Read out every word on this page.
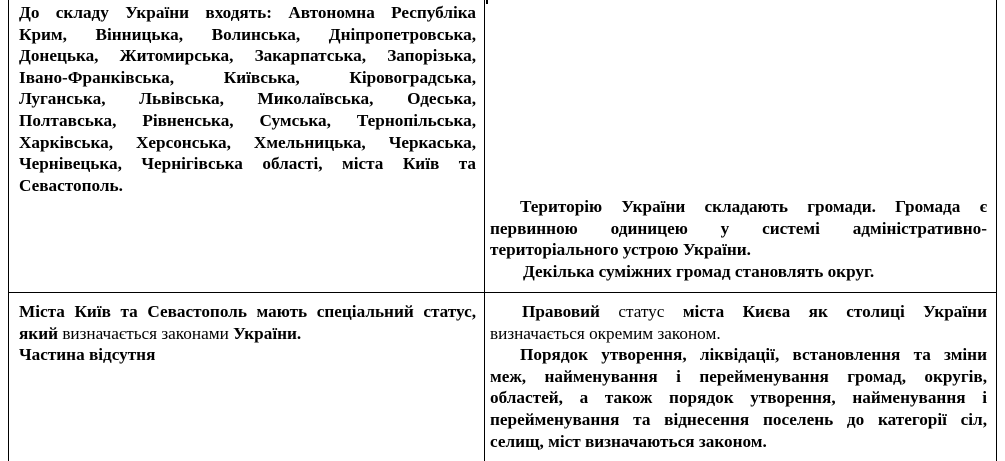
До складу України входять: Автономна Республіка
Крим, Вінницька, Волинська, Дніпропетровська,
Донецька, Житомирська, Закарпатська, Запорізька,
Івано-Франківська, Київська, Кіровоградська,
Луганська, Львівська, Миколаївська, Одеська,
Полтавська, Рівненська, Сумська, Тернопільська,
Харківська, Херсонська, Хмельницька, Черкаська,
Чернівецька, Чернігівська області, міста Київ та
Севастополь.
Територію України складають громади. Громада є
первинною одиницею у системі адміністративно-
територіального устрою України.
Декілька суміжних громад становлять округ.
Міста Київ та Севастополь мають спеціальний статус,
який визначається законами України.
Частина відсутня
Правовий статус міста Києва як столиці України
визначається окремим законом.
Порядок утворення, ліквідації, встановлення та зміни
меж, найменування і перейменування громад, округів,
областей, а також порядок утворення, найменування і
перейменування та віднесення поселень до категорії сіл,
селищ, міст визначаються законом.
